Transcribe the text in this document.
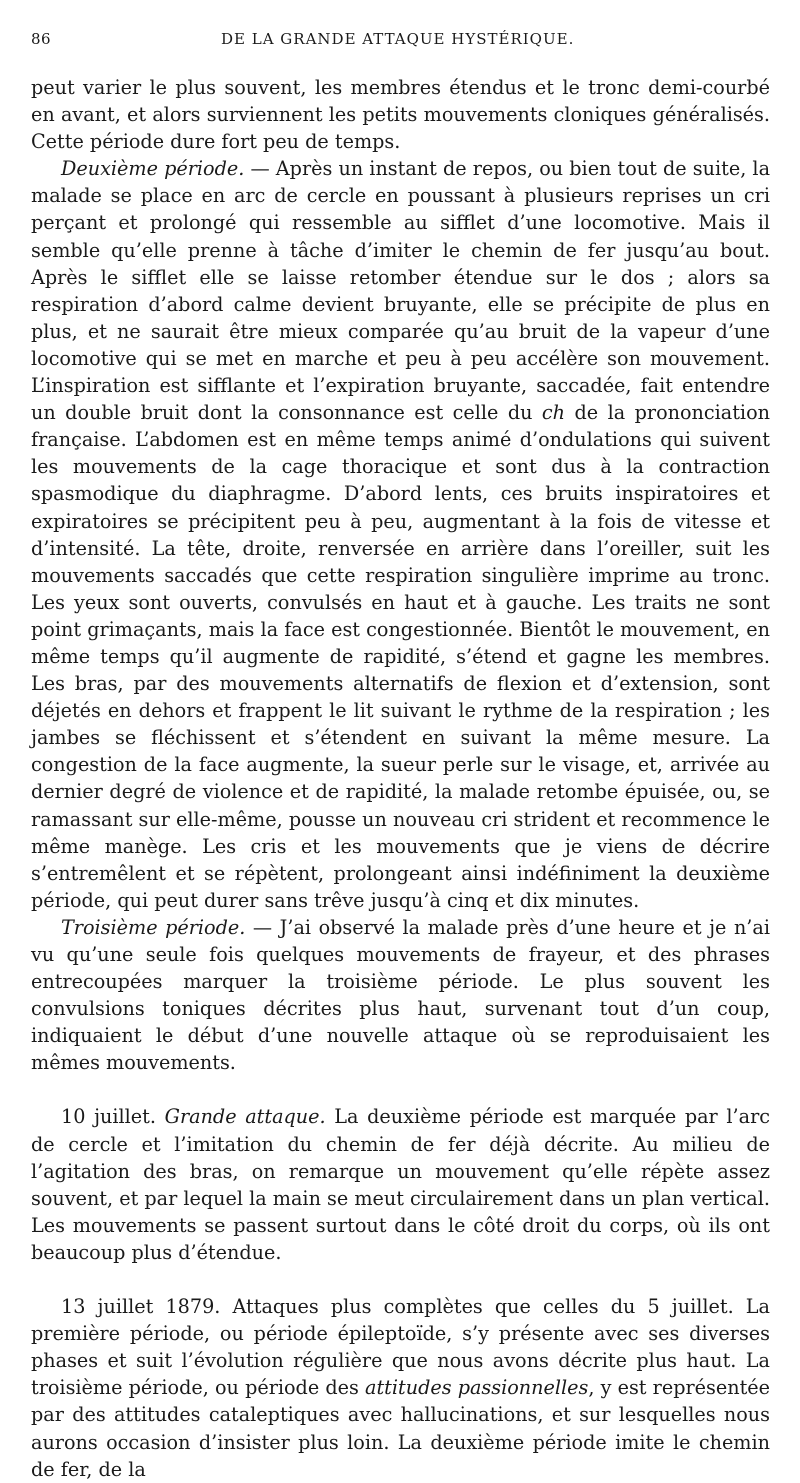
86	DE LA GRANDE ATTAQUE HYSTÉRIQUE.

peut varier le plus souvent, les membres étendus et le tronc demi-courbé en avant, et alors surviennent les petits mouvements cloniques généralisés. Cette période dure fort peu de temps.

Deuxième période. — Après un instant de repos, ou bien tout de suite, la malade se place en arc de cercle en poussant à plusieurs reprises un cri perçant et prolongé qui ressemble au sifflet d’une locomotive. Mais il semble qu’elle prenne à tâche d’imiter le chemin de fer jusqu’au bout. Après le sifflet elle se laisse retomber étendue sur le dos ; alors sa respiration d’abord calme devient bruyante, elle se précipite de plus en plus, et ne saurait être mieux comparée qu’au bruit de la vapeur d’une locomotive qui se met en marche et peu à peu accélère son mouvement. L’inspiration est sifflante et l’expiration bruyante, saccadée, fait entendre un double bruit dont la consonnance est celle du ch de la prononciation française. L’abdomen est en même temps animé d’ondulations qui suivent les mouvements de la cage thoracique et sont dus à la contraction spasmodique du diaphragme. D’abord lents, ces bruits inspiratoires et expiratoires se précipitent peu à peu, augmentant à la fois de vitesse et d’intensité. La tête, droite, renversée en arrière dans l’oreiller, suit les mouvements saccadés que cette respiration singulière imprime au tronc. Les yeux sont ouverts, convulsés en haut et à gauche. Les traits ne sont point grimaçants, mais la face est congestionnée. Bientôt le mouvement, en même temps qu’il augmente de rapidité, s’étend et gagne les membres. Les bras, par des mouvements alternatifs de flexion et d’extension, sont déjetés en dehors et frappent le lit suivant le rythme de la respiration ; les jambes se fléchissent et s’étendent en suivant la même mesure. La congestion de la face augmente, la sueur perle sur le visage, et, arrivée au dernier degré de violence et de rapidité, la malade retombe épuisée, ou, se ramassant sur elle-même, pousse un nouveau cri strident et recommence le même manège. Les cris et les mouvements que je viens de décrire s’entremêlent et se répètent, prolongeant ainsi indéfiniment la deuxième période, qui peut durer sans trêve jusqu’à cinq et dix minutes.

Troisième période. — J’ai observé la malade près d’une heure et je n’ai vu qu’une seule fois quelques mouvements de frayeur, et des phrases entrecoupées marquer la troisième période. Le plus souvent les convulsions toniques décrites plus haut, survenant tout d’un coup, indiquaient le début d’une nouvelle attaque où se reproduisaient les mêmes mouvements.

10 juillet. Grande attaque. La deuxième période est marquée par l’arc de cercle et l’imitation du chemin de fer déjà décrite. Au milieu de l’agitation des bras, on remarque un mouvement qu’elle répète assez souvent, et par lequel la main se meut circulairement dans un plan vertical. Les mouvements se passent surtout dans le côté droit du corps, où ils ont beaucoup plus d’étendue.

13 juillet 1879. Attaques plus complètes que celles du 5 juillet. La première période, ou période épileptoïde, s’y présente avec ses diverses phases et suit l’évolution régulière que nous avons décrite plus haut. La troisième période, ou période des attitudes passionnelles, y est représentée par des attitudes cataleptiques avec hallucinations, et sur lesquelles nous aurons occasion d’insister plus loin. La deuxième période imite le chemin de fer, de la
